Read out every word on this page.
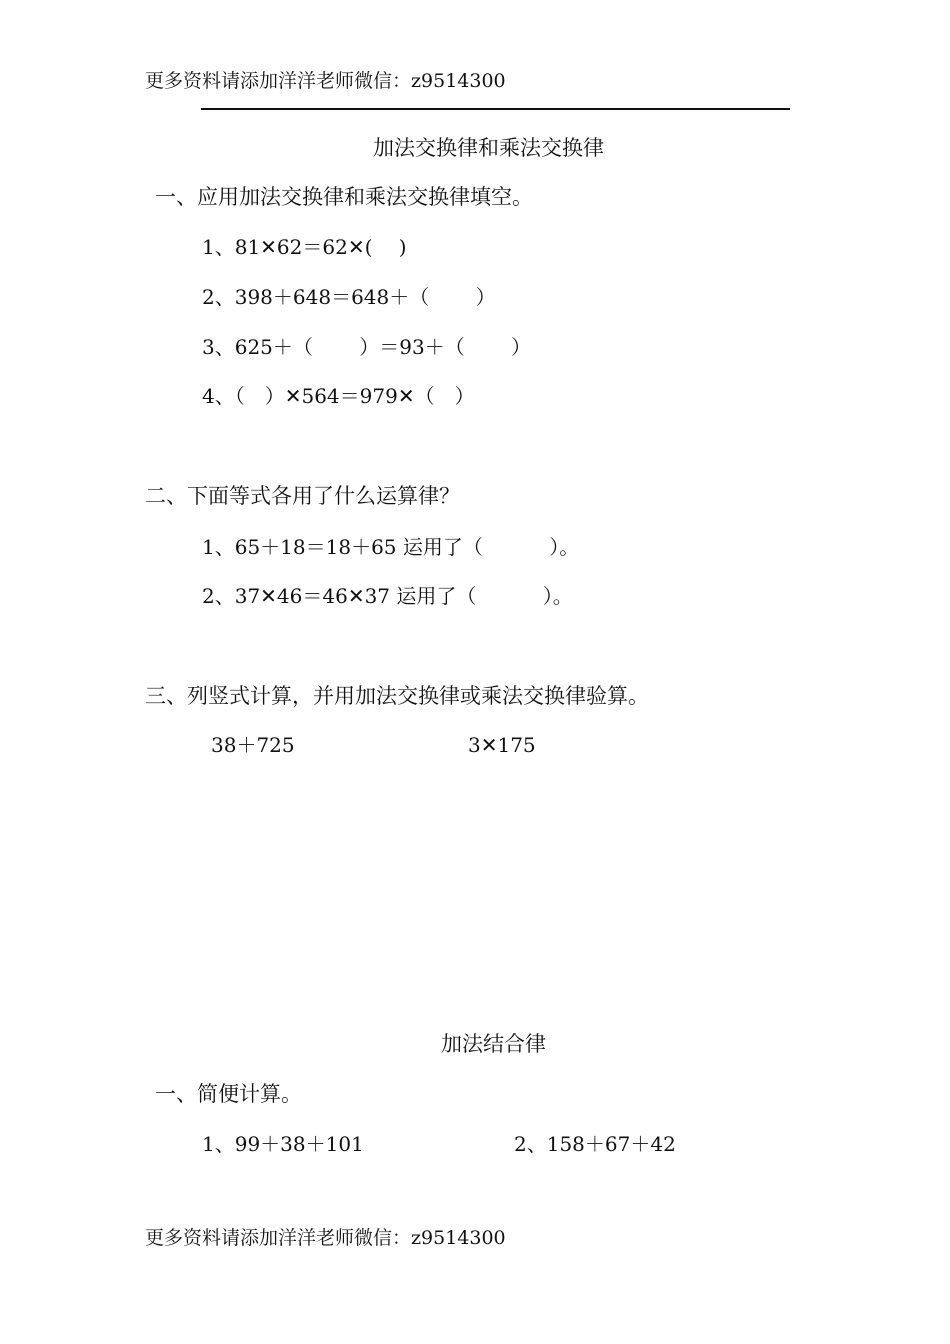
更多资料请添加洋洋老师微信：z9514300
加法交换律和乘法交换律
一、应用加法交换律和乘法交换律填空。
1、81✕62＝62✕(　 )
2、398＋648＝648＋（　　 ）
3、625＋（　　 ）＝93＋（　　 ）
4、（　）✕564＝979✕（　）
二、下面等式各用了什么运算律？
1、65＋18＝18＋65 运用了（　　　 ）。
2、37✕46＝46✕37 运用了（　　　 ）。
三、列竖式计算，并用加法交换律或乘法交换律验算。
38＋725	3✕175
加法结合律
一、简便计算。
1、99＋38＋101	2、158＋67＋42
更多资料请添加洋洋老师微信：z9514300
